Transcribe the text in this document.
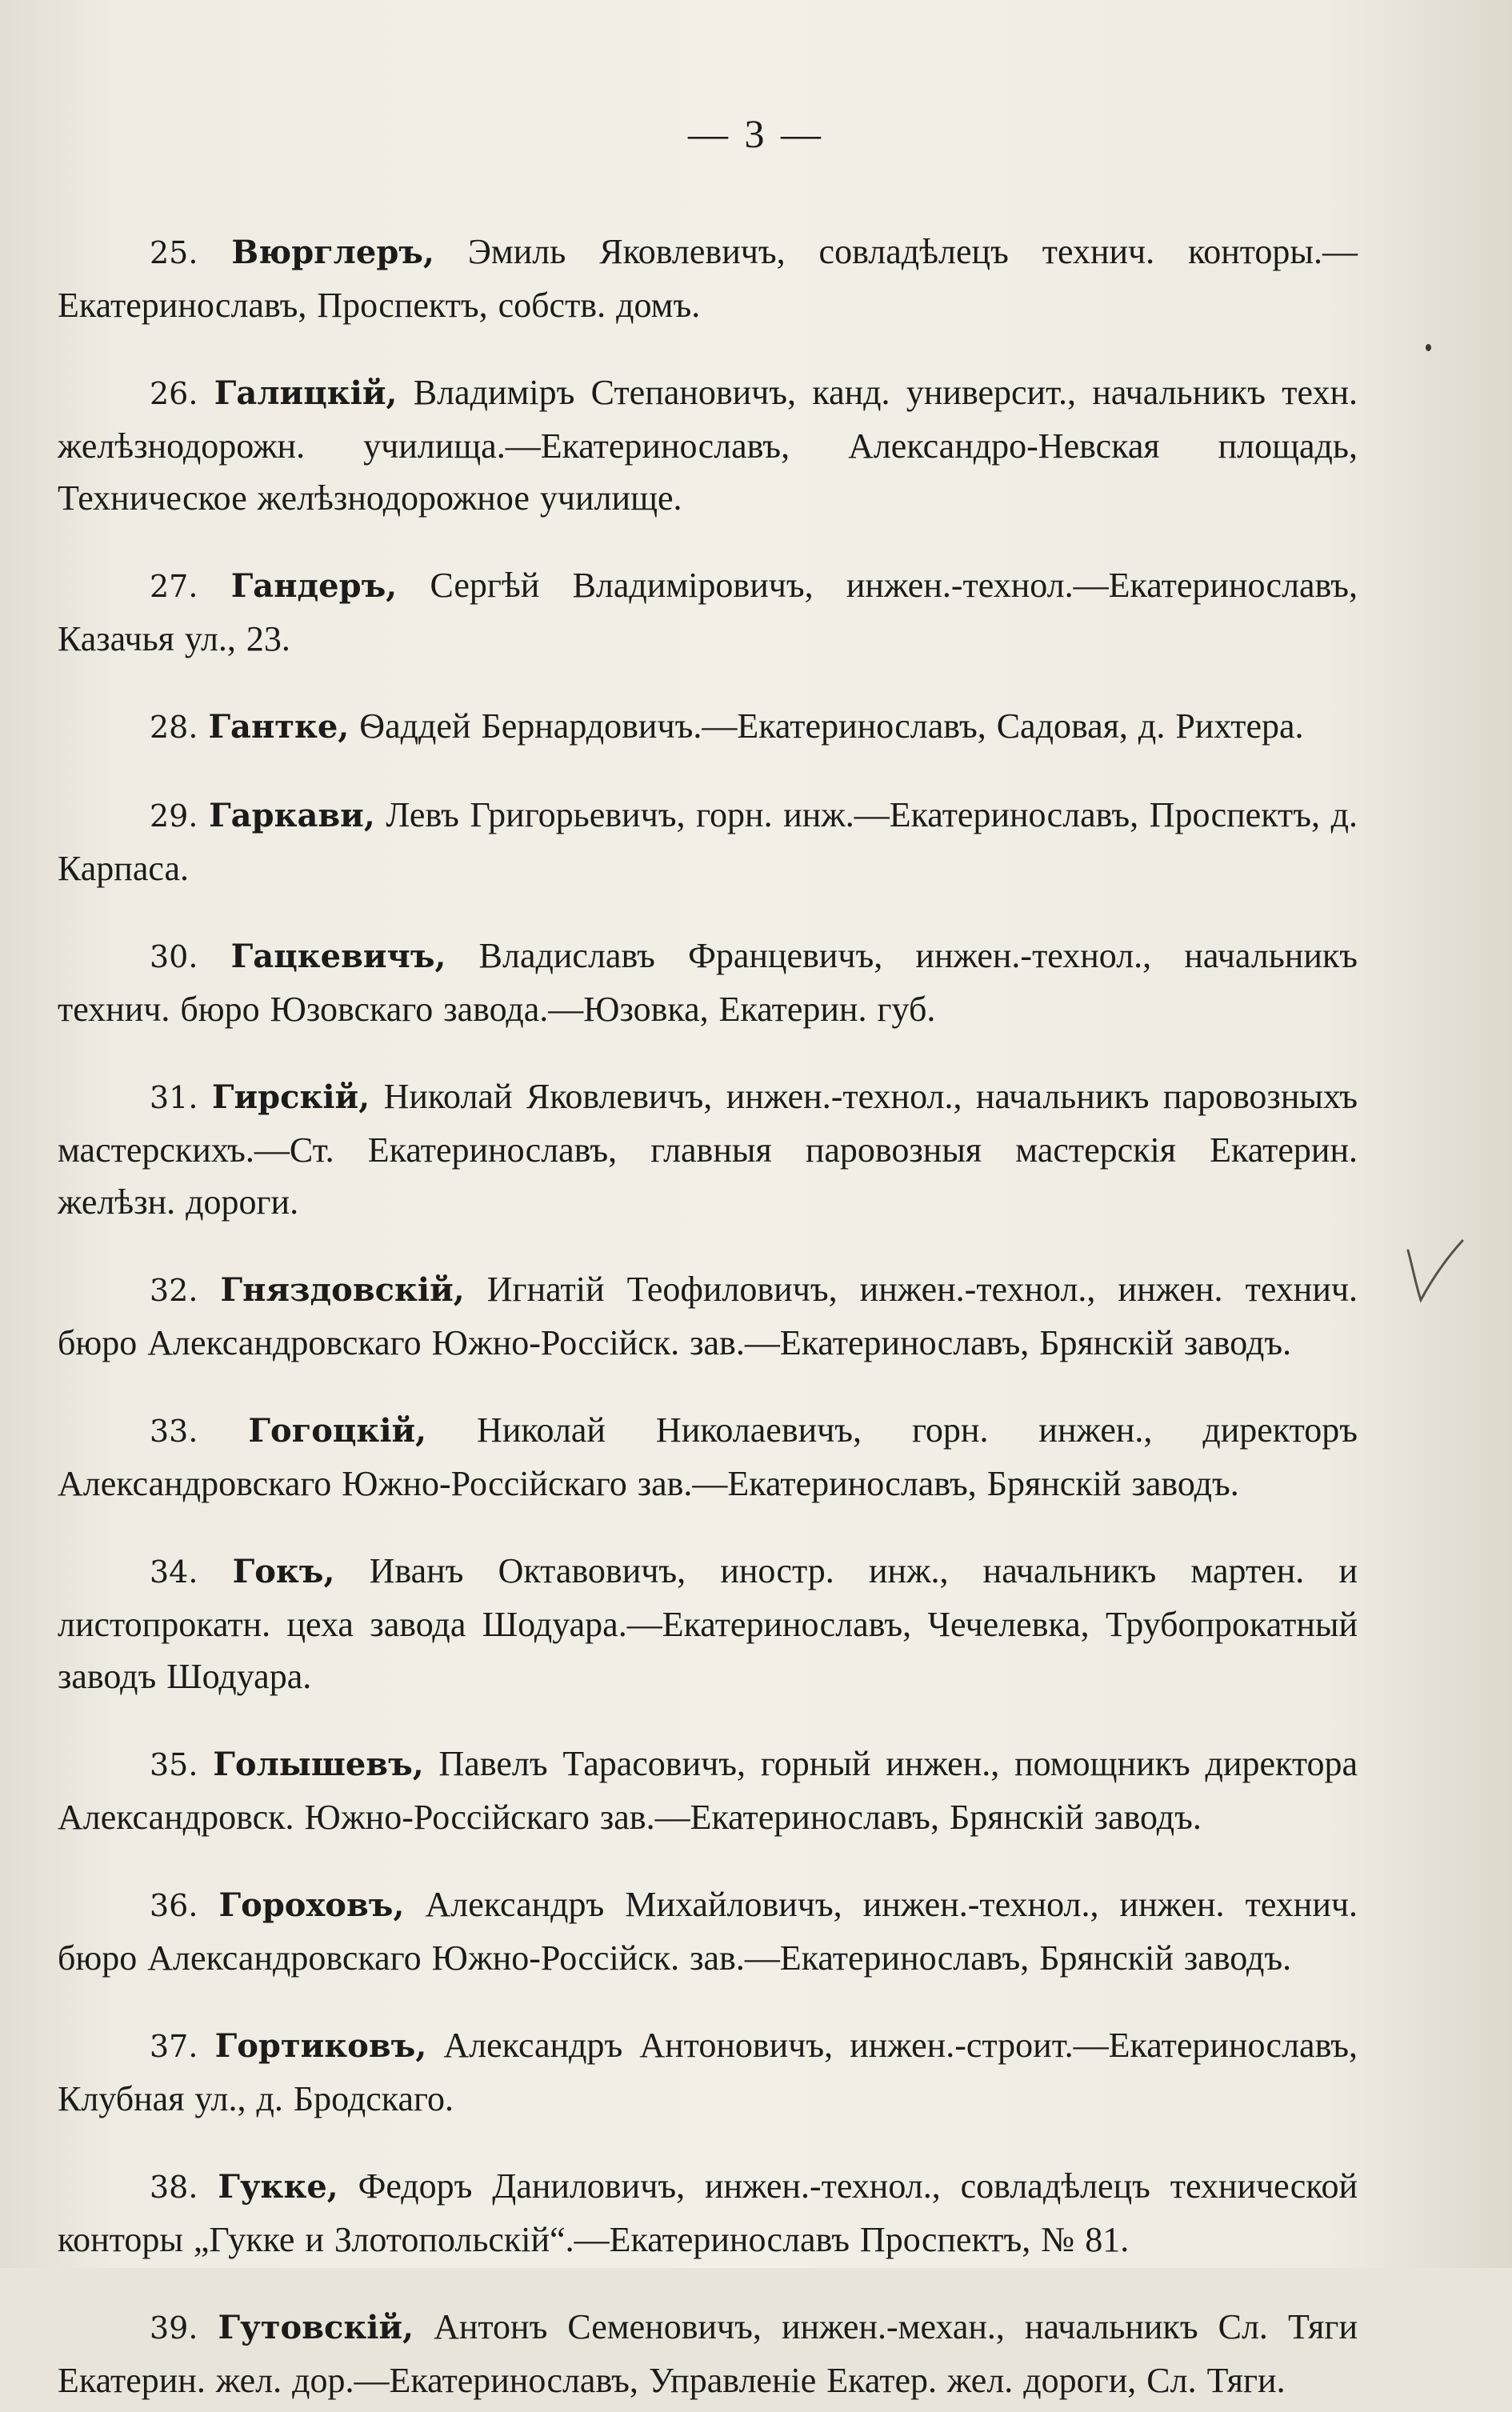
— 3 —

25. Вюрглеръ, Эмиль Яковлевичъ, совладѣлецъ технич. конторы.—Екатеринославъ, Проспектъ, собств. домъ.

26. Галицкій, Владиміръ Степановичъ, канд. университ., начальникъ техн. желѣзнодорожн. училища.—Екатеринославъ, Александро-Невская площадь, Техническое желѣзнодорожное училище.

27. Гандеръ, Сергѣй Владиміровичъ, инжен.-технол.—Екатеринославъ, Казачья ул., 23.

28. Гантке, Ѳаддей Бернардовичъ.—Екатеринославъ, Садовая, д. Рихтера.

29. Гаркави, Левъ Григорьевичъ, горн. инж.—Екатеринославъ, Проспектъ, д. Карпаса.

30. Гацкевичъ, Владиславъ Францевичъ, инжен.-технол., начальникъ технич. бюро Юзовскаго завода.—Юзовка, Екатерин. губ.

31. Гирскій, Николай Яковлевичъ, инжен.-технол., начальникъ паровозныхъ мастерскихъ.—Ст. Екатеринославъ, главныя паровозныя мастерскія Екатерин. желѣзн. дороги.

32. Гняздовскій, Игнатій Теофиловичъ, инжен.-технол., инжен. технич. бюро Александровскаго Южно-Россійск. зав.—Екатеринославъ, Брянскій заводъ.

33. Гогоцкій, Николай Николаевичъ, горн. инжен., директоръ Александровскаго Южно-Россійскаго зав.—Екатеринославъ, Брянскій заводъ.

34. Гокъ, Иванъ Октавовичъ, иностр. инж., начальникъ мартен. и листопрокатн. цеха завода Шодуара.—Екатеринославъ, Чечелевка, Трубопрокатный заводъ Шодуара.

35. Голышевъ, Павелъ Тарасовичъ, горный инжен., помощникъ директора Александровск. Южно-Россійскаго зав.—Екатеринославъ, Брянскій заводъ.

36. Гороховъ, Александръ Михайловичъ, инжен.-технол., инжен. технич. бюро Александровскаго Южно-Россійск. зав.—Екатеринославъ, Брянскій заводъ.

37. Гортиковъ, Александръ Антоновичъ, инжен.-строит.—Екатеринославъ, Клубная ул., д. Бродскаго.

38. Гукке, Федоръ Даниловичъ, инжен.-технол., совладѣлецъ технической конторы „Гукке и Злотопольскій“.—Екатеринославъ Проспектъ, № 81.

39. Гутовскій, Антонъ Семеновичъ, инжен.-механ., начальникъ Сл. Тяги Екатерин. жел. дор.—Екатеринославъ, Управленіе Екатер. жел. дороги, Сл. Тяги.
